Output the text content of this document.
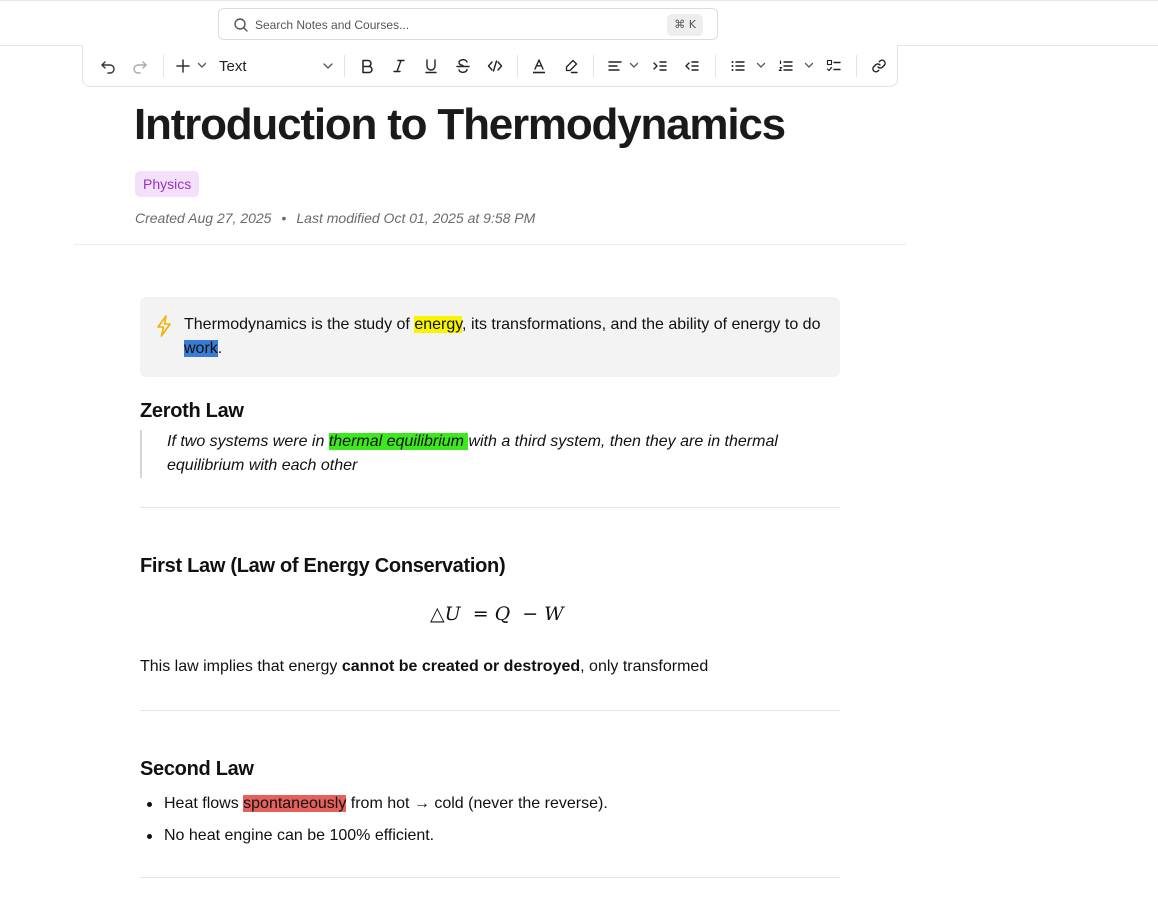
Search Notes and Courses...
⌘ K
Text
Introduction to Thermodynamics
Physics
Created Aug 27, 2025 • Last modified Oct 01, 2025 at 9:58 PM
Thermodynamics is the study of energy, its transformations, and the ability of energy to do work.
Zeroth Law

If two systems were in thermal equilibrium with a third system, then they are in thermal equilibrium with each other

First Law (Law of Energy Conservation)
△U = Q − W
This law implies that energy cannot be created or destroyed, only transformed
Second Law
Heat flows spontaneously from hot → cold (never the reverse).
No heat engine can be 100% efficient.
